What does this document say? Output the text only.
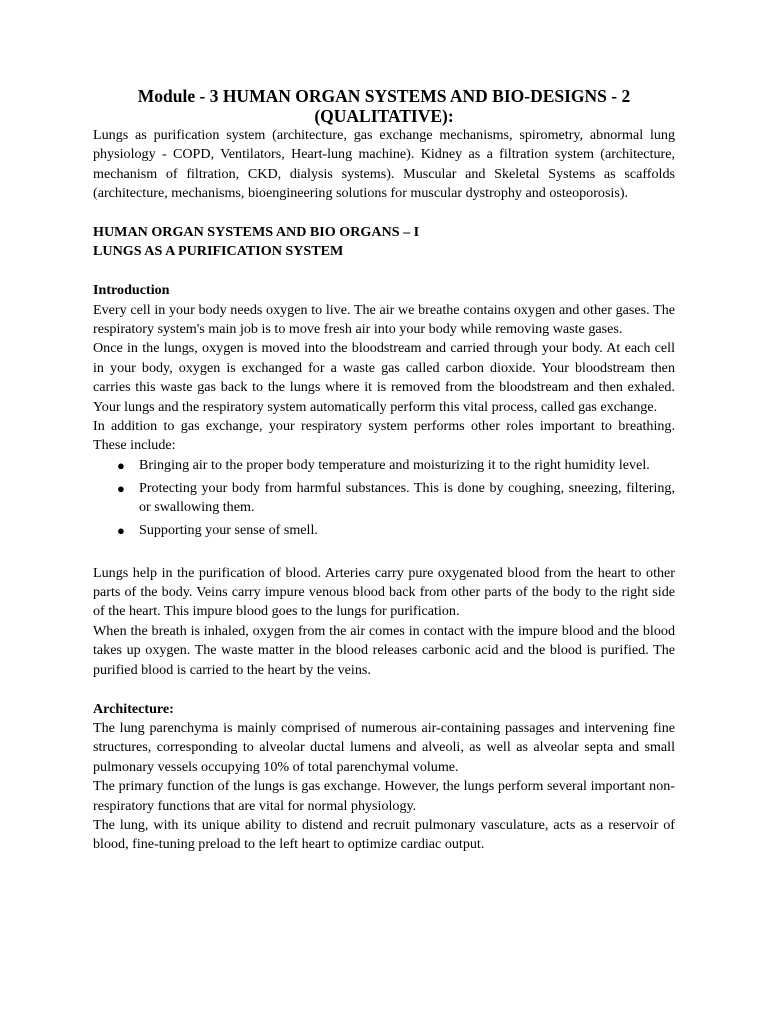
Module - 3 HUMAN ORGAN SYSTEMS AND BIO-DESIGNS - 2
(QUALITATIVE):

Lungs as purification system (architecture, gas exchange mechanisms, spirometry, abnormal lung physiology - COPD, Ventilators, Heart-lung machine). Kidney as a filtration system (architecture, mechanism of filtration, CKD, dialysis systems). Muscular and Skeletal Systems as scaffolds (architecture, mechanisms, bioengineering solutions for muscular dystrophy and osteoporosis).

HUMAN ORGAN SYSTEMS AND BIO ORGANS – I

LUNGS AS A PURIFICATION SYSTEM

Introduction

Every cell in your body needs oxygen to live. The air we breathe contains oxygen and other gases. The respiratory system's main job is to move fresh air into your body while removing waste gases.

Once in the lungs, oxygen is moved into the bloodstream and carried through your body. At each cell in your body, oxygen is exchanged for a waste gas called carbon dioxide. Your bloodstream then carries this waste gas back to the lungs where it is removed from the bloodstream and then exhaled. Your lungs and the respiratory system automatically perform this vital process, called gas exchange.

In addition to gas exchange, your respiratory system performs other roles important to breathing. These include:

● Bringing air to the proper body temperature and moisturizing it to the right humidity level.
● Protecting your body from harmful substances. This is done by coughing, sneezing, filtering, or swallowing them.
● Supporting your sense of smell.

Lungs help in the purification of blood. Arteries carry pure oxygenated blood from the heart to other parts of the body. Veins carry impure venous blood back from other parts of the body to the right side of the heart. This impure blood goes to the lungs for purification.

When the breath is inhaled, oxygen from the air comes in contact with the impure blood and the blood takes up oxygen. The waste matter in the blood releases carbonic acid and the blood is purified. The purified blood is carried to the heart by the veins.

Architecture:

The lung parenchyma is mainly comprised of numerous air-containing passages and intervening fine structures, corresponding to alveolar ductal lumens and alveoli, as well as alveolar septa and small pulmonary vessels occupying 10% of total parenchymal volume.

The primary function of the lungs is gas exchange. However, the lungs perform several important non-respiratory functions that are vital for normal physiology.

The lung, with its unique ability to distend and recruit pulmonary vasculature, acts as a reservoir of blood, fine-tuning preload to the left heart to optimize cardiac output.
